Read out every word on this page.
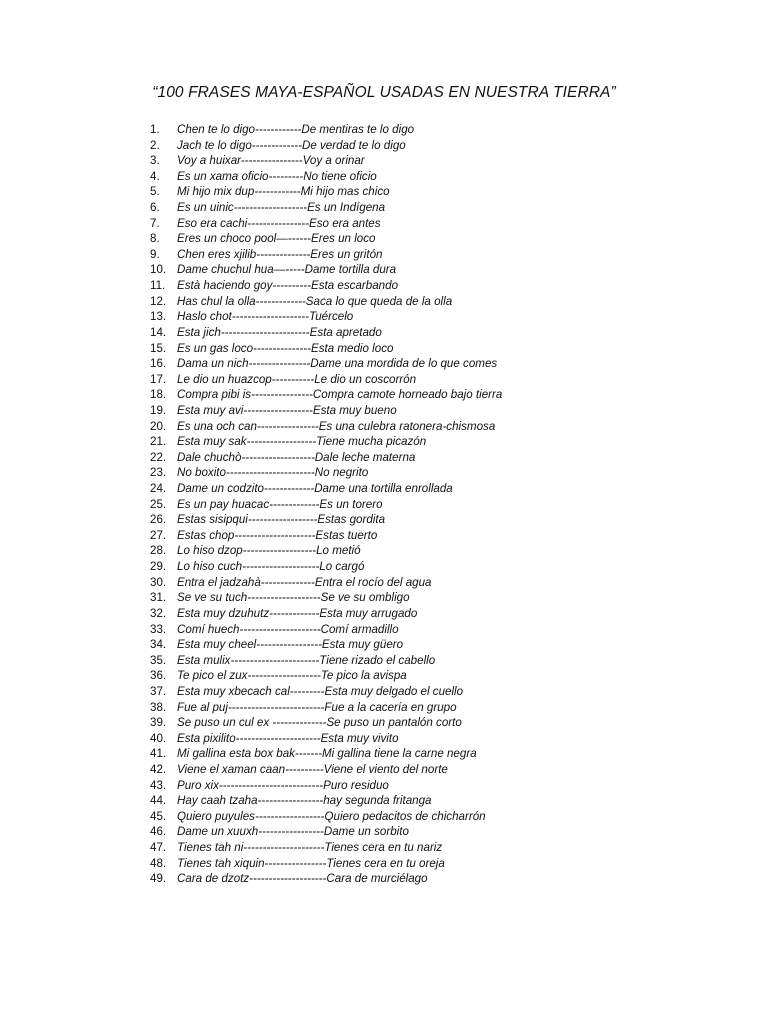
“100 FRASES MAYA-ESPAÑOL USADAS EN NUESTRA TIERRA”
1.	Chen te lo digo------------De mentiras te lo digo
2.	Jach te lo digo-------------De verdad te lo digo
3.	Voy a huixar----------------Voy a orinar
4.	Es un xama oficio---------No tiene oficio
5.	Mi hijo mix dup------------Mi hijo mas chico
6.	Es un uinic-------------------Es un Indígena
7.	Eso era cachi----------------Eso era antes
8.	Eres un choco pool—------Eres un loco
9.	Chen eres xjilib--------------Eres un gritón
10. Dame chuchul hua—-----Dame tortilla dura
11.	Està haciendo goy----------Esta escarbando
12. Has chul la olla-------------Saca lo que queda de la olla
13. Haslo chot--------------------Tuércelo
14. Esta jich-----------------------Esta apretado
15. Es un gas loco---------------Esta medio loco
16. Dama un nich----------------Dame una mordida de lo que comes
17. Le dio un huazcop-----------Le dio un coscorrón
18. Compra pibi is----------------Compra camote horneado bajo tierra
19. Esta muy avi------------------Esta muy bueno
20. Es una och can----------------Es una culebra ratonera-chismosa
21. Esta muy sak------------------Tiene mucha picazón
22. Dale chuchò-------------------Dale leche materna
23. No boxito-----------------------No negrito
24. Dame un codzito-------------Dame una tortilla enrollada
25. Es un pay huacac-------------Es un torero
26. Estas sisipqui------------------Estas gordita
27. Estas chop---------------------Estas tuerto
28. Lo hiso dzop-------------------Lo metió
29. Lo hiso cuch--------------------Lo cargó
30. Entra el jadzahà--------------Entra el rocío del agua
31. Se ve su tuch-------------------Se ve su ombligo
32. Esta muy dzuhutz-------------Esta muy arrugado
33. Comí huech---------------------Comí armadillo
34. Esta muy cheel-----------------Esta muy güero
35. Esta mulix-----------------------Tiene rizado el cabello
36. Te pico el zux-------------------Te pico la avispa
37. Esta muy xbecach cal---------Esta muy delgado el cuello
38. Fue al puj-------------------------Fue a la cacería en grupo
39. Se puso un cul ex --------------Se puso un pantalón corto
40. Esta pixilito----------------------Esta muy vivito
41. Mi gallina esta box bak-------Mi gallina tiene la carne negra
42. Viene el xaman caan----------Viene el viento del norte
43. Puro xix---------------------------Puro residuo
44. Hay caah tzaha-----------------hay segunda fritanga
45. Quiero puyules------------------Quiero pedacitos de chicharrón
46. Dame un xuuxh-----------------Dame un sorbito
47. Tienes tah ni---------------------Tienes cera en tu nariz
48. Tienes tah xiquin----------------Tienes cera en tu oreja
49. Cara de dzotz--------------------Cara de murciélago
